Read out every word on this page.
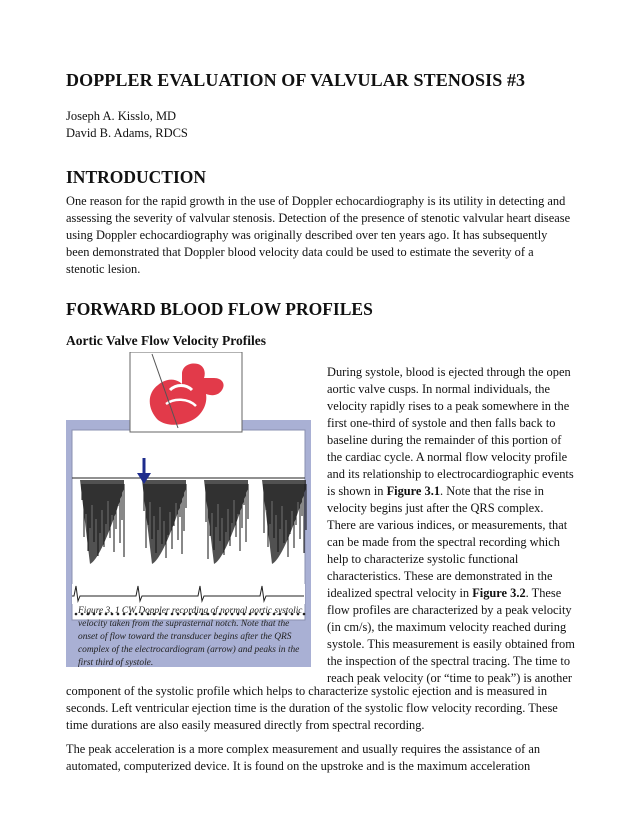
DOPPLER EVALUATION OF VALVULAR STENOSIS #3
Joseph A. Kisslo, MD
David B. Adams, RDCS
INTRODUCTION

One reason for the rapid growth in the use of Doppler echocardiography is its utility in detecting and assessing the severity of valvular stenosis. Detection of the presence of stenotic valvular heart disease using Doppler echocardiography was originally described over ten years ago. It has subsequently been demonstrated that Doppler blood velocity data could be used to estimate the severity of a stenotic lesion.

FORWARD BLOOD FLOW PROFILES
Aortic Valve Flow Velocity Profiles

Figure 3. 1 CW Doppler recording of normal aortic systolic velocity taken from the suprasternal notch. Note that the onset of flow toward the transducer begins after the QRS complex of the electrocardiogram (arrow) and peaks in the first third of systole.

During systole, blood is ejected through the open aortic valve cusps. In normal individuals, the velocity rapidly rises to a peak somewhere in the first one-third of systole and then falls back to baseline during the remainder of this portion of the cardiac cycle. A normal flow velocity profile and its relationship to electrocardiographic events is shown in Figure 3.1. Note that the rise in velocity begins just after the QRS complex.

There are various indices, or measurements, that can be made from the spectral recording which help to characterize systolic functional characteristics. These are demonstrated in the idealized spectral velocity in Figure 3.2. These flow profiles are characterized by a peak velocity (in cm/s), the maximum velocity reached during systole. This measurement is easily obtained from the inspection of the spectral tracing. The time to reach peak velocity (or “time to peak”) is another

component of the systolic profile which helps to characterize systolic ejection and is measured in seconds. Left ventricular ejection time is the duration of the systolic flow velocity recording. These time durations are also easily measured directly from spectral recording.

The peak acceleration is a more complex measurement and usually requires the assistance of an automated, computerized device. It is found on the upstroke and is the maximum acceleration
